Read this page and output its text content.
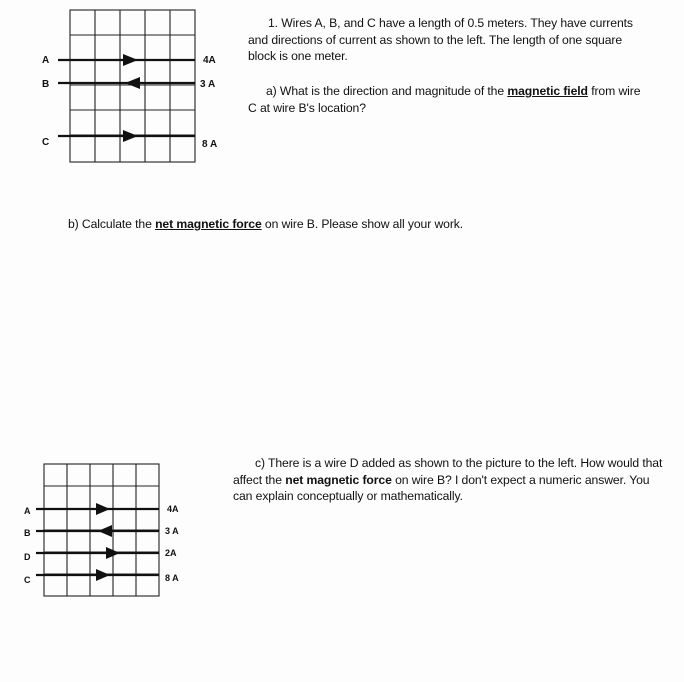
A	4A
B	3 A
C	8 A
1. Wires A, B, and C have a length of 0.5 meters. They have currents and directions of current as shown to the left. The length of one square block is one meter.
a) What is the direction and magnitude of the magnetic field from wire C at wire B's location?
b) Calculate the net magnetic force on wire B. Please show all your work.
c) There is a wire D added as shown to the picture to the left. How would that affect the net magnetic force on wire B? I don't expect a numeric answer. You can explain conceptually or mathematically.
A	4A
B	3 A
D	2A
C	8 A
